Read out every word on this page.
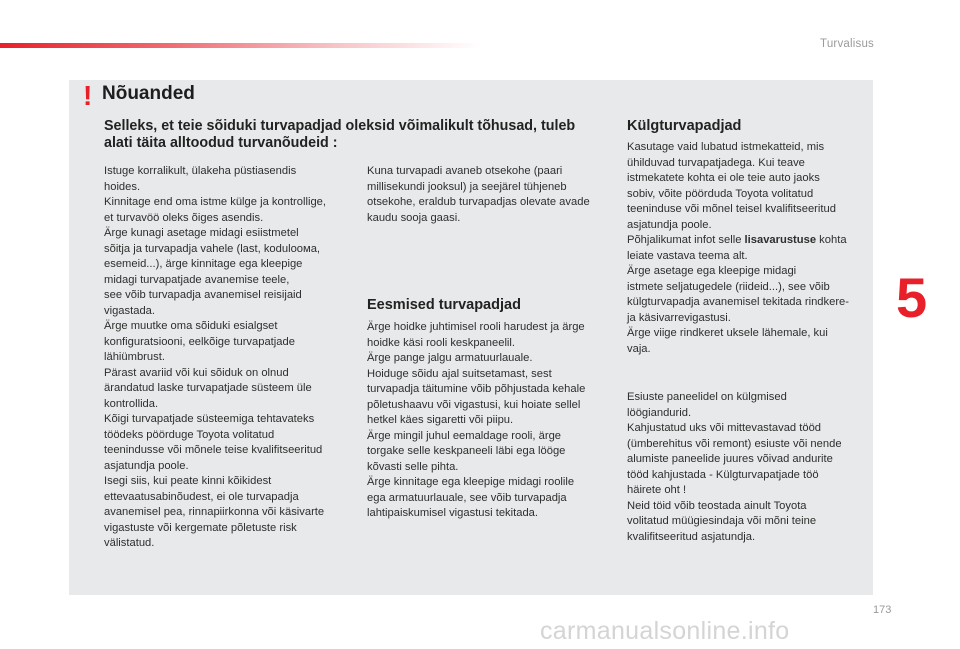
Turvalisus
5
! Nõuanded
Selleks, et teie sõiduki turvapadjad oleksid võimalikult tõhusad, tuleb alati täita alltoodud turvanõudeid :

Istuge korralikult, ülakeha püstiasendis

hoides.

Kinnitage end oma istme külge ja kontrollige,

et turvavöö oleks õiges asendis.

Ärge kunagi asetage midagi esiistmetel

sõitja ja turvapadja vahele (last, koduloома,

esemeid...), ärge kinnitage ega kleepige

midagi turvapatjade avanemise teele,

see võib turvapadja avanemisel reisijaid

vigastada.

Ärge muutke oma sõiduki esialgset

konfiguratsiooni, eelkõige turvapatjade

lähiümbrust.

Pärast avariid või kui sõiduk on olnud

ärandatud laske turvapatjade süsteem üle

kontrollida.

Kõigi turvapatjade süsteemiga tehtavateks

töödeks pöörduge Toyota volitatud

teenindusse või mõnele teise kvalifitseeritud

asjatundja poole.

Isegi siis, kui peate kinni kõikidest

ettevaatusabinõudest, ei ole turvapadja

avanemisel pea, rinnapiirkonna või käsivarte

vigastuste või kergemate põletuste risk

välistatud.

Kuna turvapadi avaneb otsekohe (paari

millisekundi jooksul) ja seejärel tühjeneb

otsekohe, eraldub turvapadjas olevate avade

kaudu sooja gaasi.

Eesmised turvapadjad

Ärge hoidke juhtimisel rooli harudest ja ärge

hoidke käsi rooli keskpaneelil.

Ärge pange jalgu armatuurlauale.

Hoiduge sõidu ajal suitsetamast, sest

turvapadja täitumine võib põhjustada kehale

põletushaavu või vigastusi, kui hoiate sellel

hetkel käes sigaretti või piipu.

Ärge mingil juhul eemaldage rooli, ärge

torgake selle keskpaneeli läbi ega lööge

kõvasti selle pihta.

Ärge kinnitage ega kleepige midagi roolile

ega armatuurlauale, see võib turvapadja

lahtipaiskumisel vigastusi tekitada.

Külgturvapadjad

Kasutage vaid lubatud istmekatteid, mis

ühilduvad turvapatjadega. Kui teave

istmekatete kohta ei ole teie auto jaoks

sobiv, võite pöörduda Toyota volitatud

teeninduse või mõnel teisel kvalifitseeritud

asjatundja poole.

Põhjalikumat infot selle lisavarustuse kohta

leiate vastava teema alt.

Ärge asetage ega kleepige midagi

istmete seljatugedele (riideid...), see võib

külgturvapadja avanemisel tekitada rindkere-

ja käsivarrevigastusi.

Ärge viige rindkeret uksele lähemale, kui

vaja.

Esiuste paneelidel on külgmised

löögiandurid.

Kahjustatud uks või mittevastavad tööd

(ümberehitus või remont) esiuste või nende

alumiste paneelide juures võivad andurite

tööd kahjustada - Külgturvapatjade töö

häirete oht !

Neid töid võib teostada ainult Toyota

volitatud müügiesindaja või mõni teine

kvalifitseeritud asjatundja.

173
carmanualsonline.info
